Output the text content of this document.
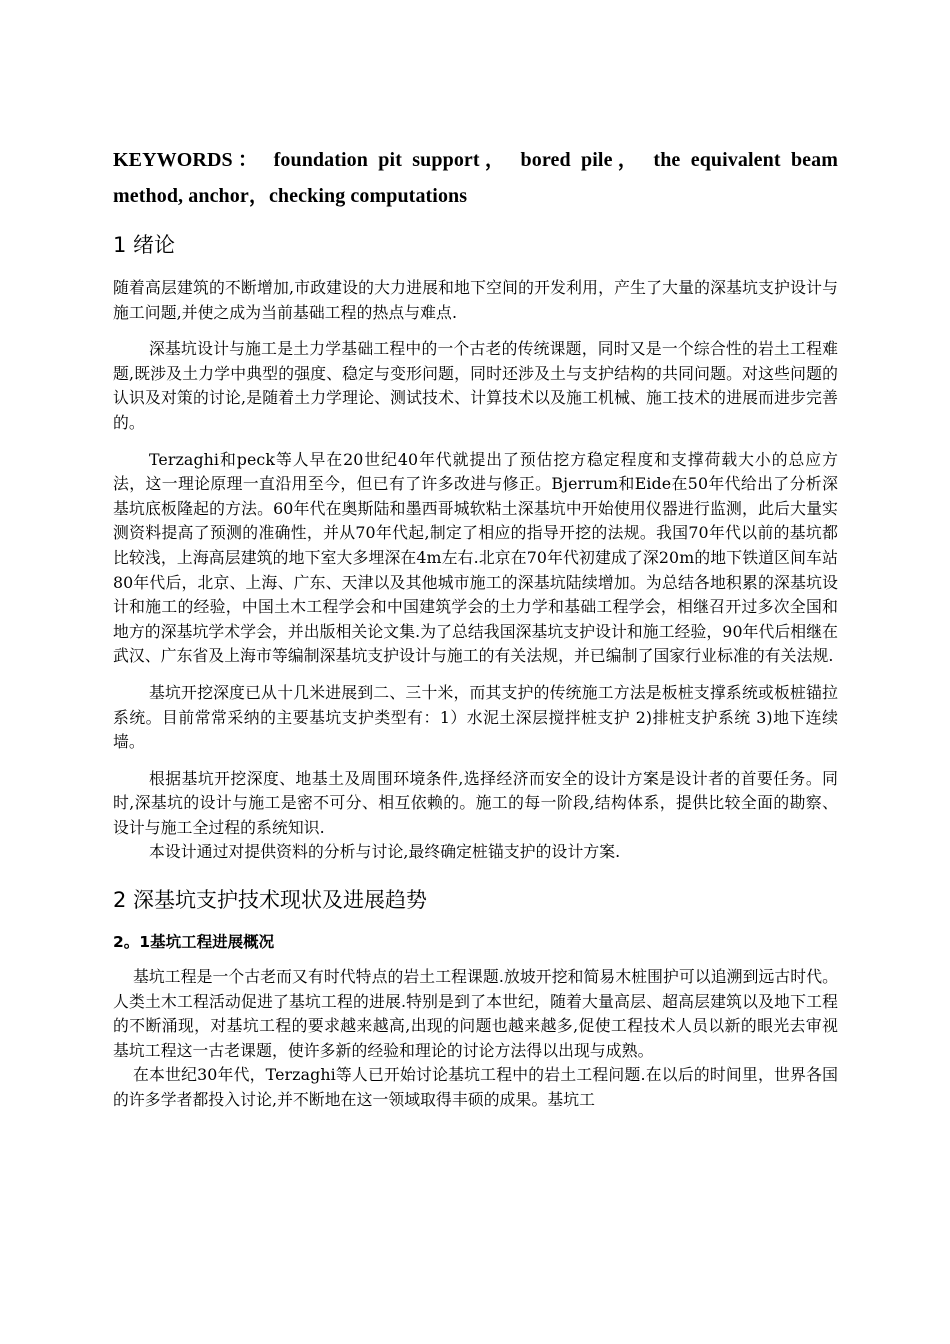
KEYWORDS： foundation pit support， bored pile， the equivalent beam method, anchor，checking computations

1 绪论

随着高层建筑的不断增加,市政建设的大力进展和地下空间的开发利用，产生了大量的深基坑支护设计与施工问题,并使之成为当前基础工程的热点与难点.

深基坑设计与施工是土力学基础工程中的一个古老的传统课题，同时又是一个综合性的岩土工程难题,既涉及土力学中典型的强度、稳定与变形问题，同时还涉及土与支护结构的共同问题。对这些问题的认识及对策的讨论,是随着土力学理论、测试技术、计算技术以及施工机械、施工技术的进展而进步完善的。

Terzaghi和peck等人早在20世纪40年代就提出了预估挖方稳定程度和支撑荷载大小的总应方法，这一理论原理一直沿用至今，但已有了许多改进与修正。Bjerrum和Eide在50年代给出了分析深基坑底板隆起的方法。60年代在奥斯陆和墨西哥城软粘土深基坑中开始使用仪器进行监测，此后大量实测资料提高了预测的准确性，并从70年代起,制定了相应的指导开挖的法规。我国70年代以前的基坑都比较浅，上海高层建筑的地下室大多埋深在4m左右.北京在70年代初建成了深20m的地下铁道区间车站80年代后，北京、上海、广东、天津以及其他城市施工的深基坑陆续增加。为总结各地积累的深基坑设计和施工的经验，中国土木工程学会和中国建筑学会的土力学和基础工程学会，相继召开过多次全国和地方的深基坑学术学会，并出版相关论文集.为了总结我国深基坑支护设计和施工经验，90年代后相继在武汉、广东省及上海市等编制深基坑支护设计与施工的有关法规，并已编制了国家行业标准的有关法规.

基坑开挖深度已从十几米进展到二、三十米，而其支护的传统施工方法是板桩支撑系统或板桩锚拉系统。目前常常采纳的主要基坑支护类型有：1）水泥土深层搅拌桩支护 2)排桩支护系统 3)地下连续墙。

根据基坑开挖深度、地基土及周围环境条件,选择经济而安全的设计方案是设计者的首要任务。同时,深基坑的设计与施工是密不可分、相互依赖的。施工的每一阶段,结构体系，提供比较全面的勘察、设计与施工全过程的系统知识.

本设计通过对提供资料的分析与讨论,最终确定桩锚支护的设计方案.

2 深基坑支护技术现状及进展趋势
2。1基坑工程进展概况

基坑工程是一个古老而又有时代特点的岩土工程课题.放坡开挖和简易木桩围护可以追溯到远古时代。人类土木工程活动促进了基坑工程的进展.特别是到了本世纪，随着大量高层、超高层建筑以及地下工程的不断涌现，对基坑工程的要求越来越高,出现的问题也越来越多,促使工程技术人员以新的眼光去审视基坑工程这一古老课题，使许多新的经验和理论的讨论方法得以出现与成熟。

在本世纪30年代，Terzaghi等人已开始讨论基坑工程中的岩土工程问题.在以后的时间里，世界各国的许多学者都投入讨论,并不断地在这一领域取得丰硕的成果。基坑工
